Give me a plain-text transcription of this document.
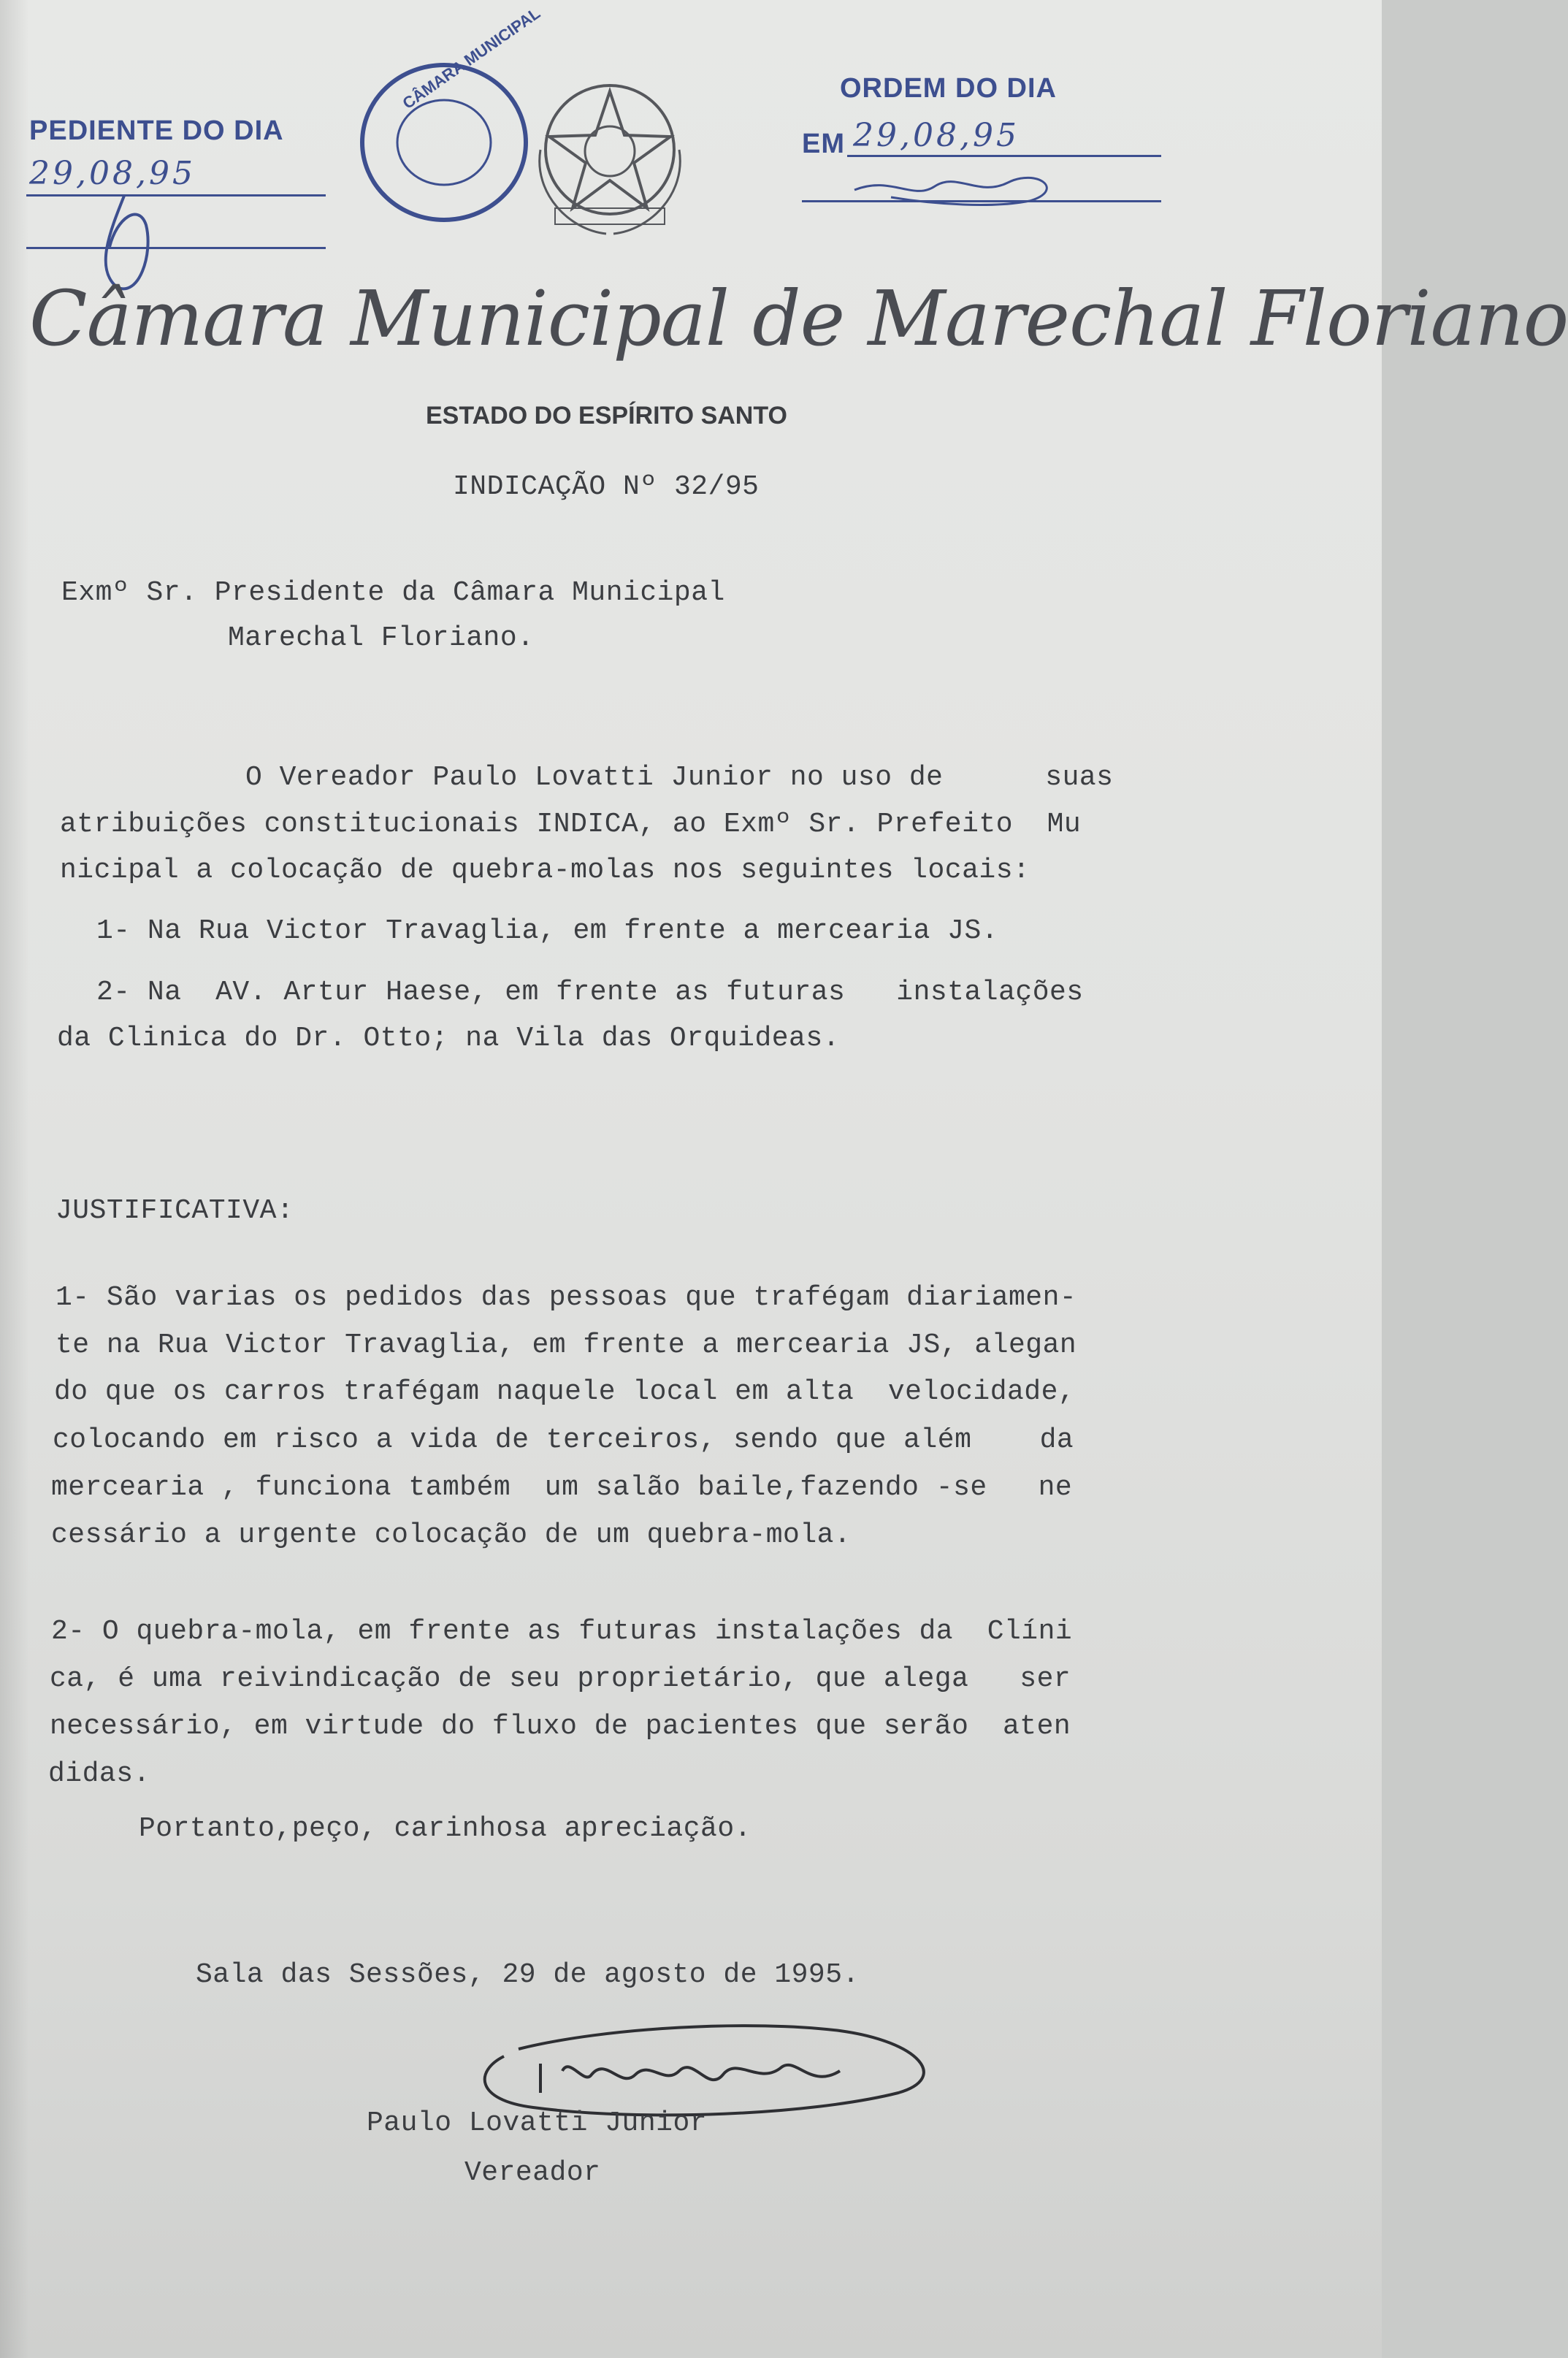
PEDIENTE DO DIA
29,08,95
CÂMARA MUNICIPAL	ORDEM DO DIA
EM 29,08,95
Câmara Municipal de Marechal Floriano
ESTADO DO ESPÍRITO SANTO
INDICAÇÃO Nº 32/95
Exmº Sr. Presidente da Câmara Municipal
Marechal Floriano.
O Vereador Paulo Lovatti Junior no uso de      suas
atribuições constitucionais INDICA, ao Exmº Sr. Prefeito  Mu
nicipal a colocação de quebra-molas nos seguintes locais:
1- Na Rua Victor Travaglia, em frente a mercearia JS.
2- Na  AV. Artur Haese, em frente as futuras   instalações
da Clinica do Dr. Otto; na Vila das Orquideas.
JUSTIFICATIVA:
1- São varias os pedidos das pessoas que trafégam diariamen-
te na Rua Victor Travaglia, em frente a mercearia JS, alegan
do que os carros trafégam naquele local em alta  velocidade,
colocando em risco a vida de terceiros, sendo que além    da
mercearia , funciona também  um salão baile,fazendo -se   ne
cessário a urgente colocação de um quebra-mola.
2- O quebra-mola, em frente as futuras instalações da  Clíni
ca, é uma reivindicação de seu proprietário, que alega   ser
necessário, em virtude do fluxo de pacientes que serão  aten
didas.
Portanto,peço, carinhosa apreciação.
Sala das Sessões, 29 de agosto de 1995.
Paulo Lovatti Junior
Vereador
